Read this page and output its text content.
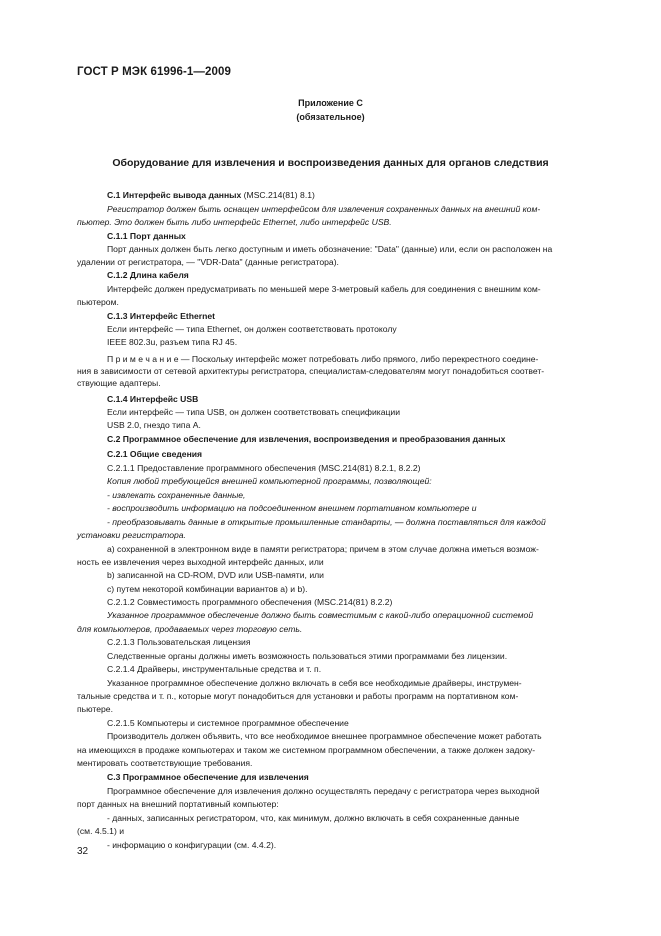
ГОСТ Р МЭК 61996-1—2009
Приложение С
(обязательное)
Оборудование для извлечения и воспроизведения данных для органов следствия
С.1 Интерфейс вывода данных (MSC.214(81) 8.1)
Регистратор должен быть оснащен интерфейсом для извлечения сохраненных данных на внешний ком-
пьютер. Это должен быть либо интерфейс Ethernet, либо интерфейс USB.
С.1.1 Порт данных
Порт данных должен быть легко доступным и иметь обозначение: "Data" (данные) или, если он расположен на
удалении от регистратора, — "VDR-Data" (данные регистратора).
С.1.2 Длина кабеля
Интерфейс должен предусматривать по меньшей мере 3-метровый кабель для соединения с внешним ком-
пьютером.
С.1.3 Интерфейс Ethernet
Если интерфейс — типа Ethernet, он должен соответствовать протоколу
IEEE 802.3u, разъем типа RJ 45.
П р и м е ч а н и е — Поскольку интерфейс может потребовать либо прямого, либо перекрестного соедине-
ния в зависимости от сетевой архитектуры регистратора, специалистам-следователям могут понадобиться соответ-
ствующие адаптеры.
С.1.4 Интерфейс USB
Если интерфейс — типа USB, он должен соответствовать спецификации
USB 2.0, гнездо типа А.
С.2 Программное обеспечение для извлечения, воспроизведения и преобразования данных
С.2.1 Общие сведения
С.2.1.1 Предоставление программного обеспечения (MSC.214(81) 8.2.1, 8.2.2)
Копия любой требующейся внешней компьютерной программы, позволяющей:
- извлекать сохраненные данные,
- воспроизводить информацию на подсоединенном внешнем портативном компьютере и
- преобразовывать данные в открытые промышленные стандарты, — должна поставляться для каждой
установки регистратора.
а) сохраненной в электронном виде в памяти регистратора; причем в этом случае должна иметься возмож-
ность ее извлечения через выходной интерфейс данных, или
b) записанной на CD-ROM, DVD или USB-памяти, или
с) путем некоторой комбинации вариантов а) и b).
С.2.1.2 Совместимость программного обеспечения (MSC.214(81) 8.2.2)
Указанное программное обеспечение должно быть совместимым с какой-либо операционной системой
для компьютеров, продаваемых через торговую сеть.
С.2.1.3 Пользовательская лицензия
Следственные органы должны иметь возможность пользоваться этими программами без лицензии.
С.2.1.4 Драйверы, инструментальные средства и т. п.
Указанное программное обеспечение должно включать в себя все необходимые драйверы, инструмен-
тальные средства и т. п., которые могут понадобиться для установки и работы программ на портативном ком-
пьютере.
С.2.1.5 Компьютеры и системное программное обеспечение
Производитель должен объявить, что все необходимое внешнее программное обеспечение может работать
на имеющихся в продаже компьютерах и таком же системном программном обеспечении, а также должен задоку-
ментировать соответствующие требования.
С.3 Программное обеспечение для извлечения
Программное обеспечение для извлечения должно осуществлять передачу с регистратора через выходной
порт данных на внешний портативный компьютер:
- данных, записанных регистратором, что, как минимум, должно включать в себя сохраненные данные
(см. 4.5.1) и
- информацию о конфигурации (см. 4.4.2).
32
